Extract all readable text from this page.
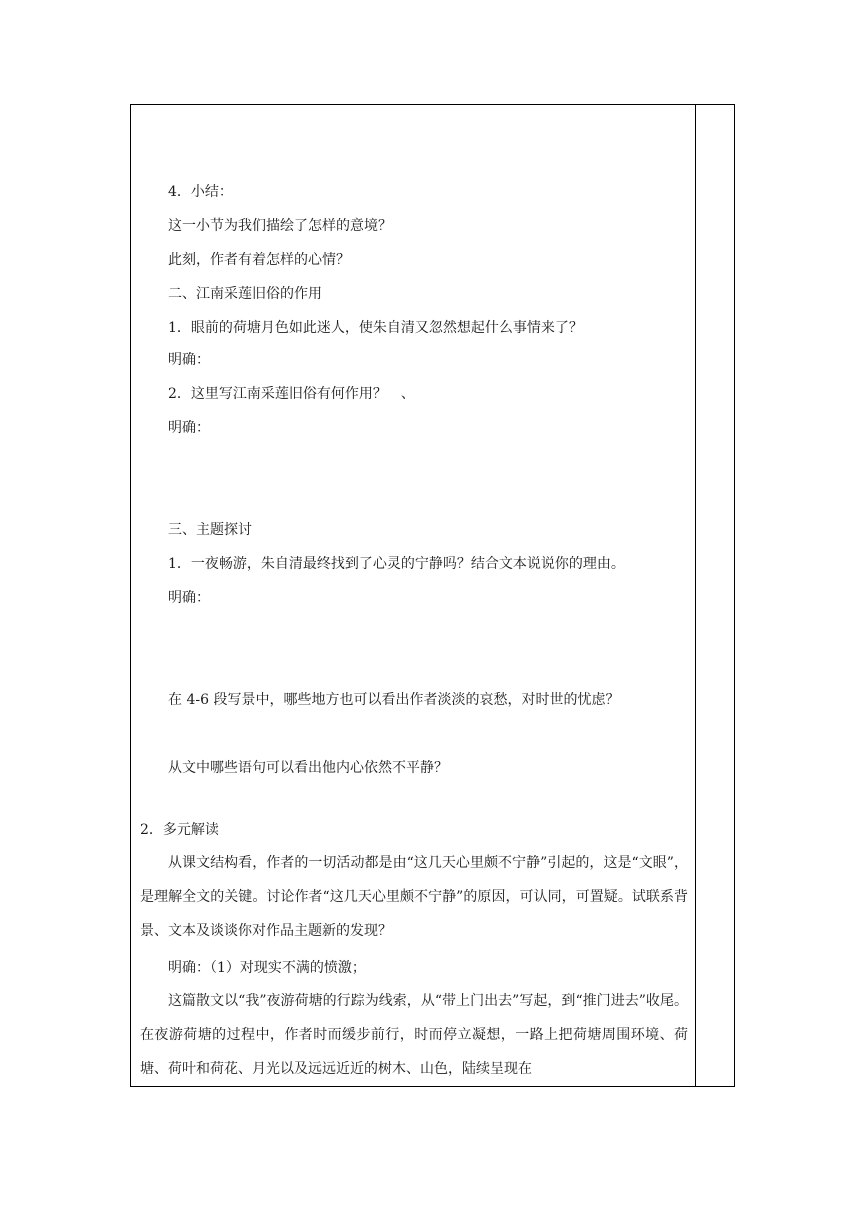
4．小结：
这一小节为我们描绘了怎样的意境？
此刻，作者有着怎样的心情？
二、江南采莲旧俗的作用
1．眼前的荷塘月色如此迷人，使朱自清又忽然想起什么事情来了？
明确：
2．这里写江南采莲旧俗有何作用？　、
明确：
三、主题探讨
1．一夜畅游，朱自清最终找到了心灵的宁静吗？结合文本说说你的理由。
明确：
在 4-6 段写景中，哪些地方也可以看出作者淡淡的哀愁，对时世的忧虑？
从文中哪些语句可以看出他内心依然不平静？
2．多元解读
从课文结构看，作者的一切活动都是由“这几天心里颇不宁静”引起的，这是“文眼”，是理解全文的关键。讨论作者“这几天心里颇不宁静”的原因，可认同，可置疑。试联系背景、文本及谈谈你对作品主题新的发现？
明确：（1）对现实不满的愤激；
这篇散文以“我”夜游荷塘的行踪为线索，从“带上门出去”写起，到“推门进去”收尾。在夜游荷塘的过程中，作者时而缓步前行，时而停立凝想，一路上把荷塘周围环境、荷塘、荷叶和荷花、月光以及远远近近的树木、山色，陆续呈现在
